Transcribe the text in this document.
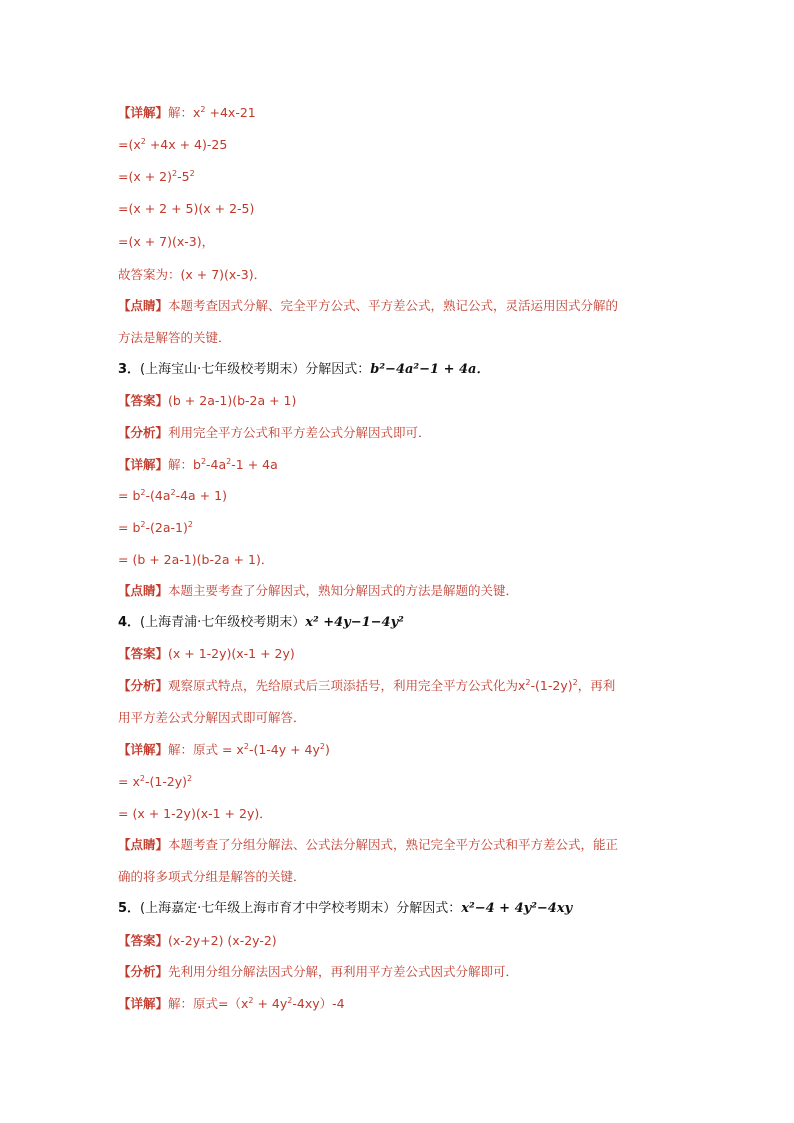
【详解】解：$x^2 +4x-21$
$=(x^2 +4x + 4)-25$
$=(x + 2)^2-5^2$
=(x + 2 + 5)(x + 2-5)
=(x + 7)(x-3)，
故答案为：(x + 7)(x-3)．
【点睛】本题考查因式分解、完全平方公式、平方差公式，熟记公式，灵活运用因式分解的
方法是解答的关键．
3．(上海宝山·七年级校考期末）分解因式：b²−4a²−1 + 4a．
【答案】(b + 2a-1)(b-2a + 1)
【分析】利用完全平方公式和平方差公式分解因式即可．
【详解】解：$b^2-4a^2-1 + 4a$
= $b^2-(4a^2-4a + 1)$
= $b^2-(2a-1)^2$
= (b + 2a-1)(b-2a + 1)．
【点睛】本题主要考查了分解因式，熟知分解因式的方法是解题的关键．
4．(上海青浦·七年级校考期末）x² +4y−1−4y²
【答案】(x + 1-2y)(x-1 + 2y)
【分析】观察原式特点，先给原式后三项添括号，利用完全平方公式化为$x^2-(1-2y)^2$，再利
用平方差公式分解因式即可解答．
【详解】解：原式 = $x^2-(1-4y + 4y^2)$
= $x^2-(1-2y)^2$
= (x + 1-2y)(x-1 + 2y)．
【点睛】本题考查了分组分解法、公式法分解因式，熟记完全平方公式和平方差公式，能正
确的将多项式分组是解答的关键．
5．(上海嘉定·七年级上海市育才中学校考期末）分解因式：x²−4 + 4y²−4xy
【答案】(x-2y+2) (x-2y-2)
【分析】先利用分组分解法因式分解，再利用平方差公式因式分解即可．
【详解】解：原式$=(x^2 + 4y^2-4xy)-4$
